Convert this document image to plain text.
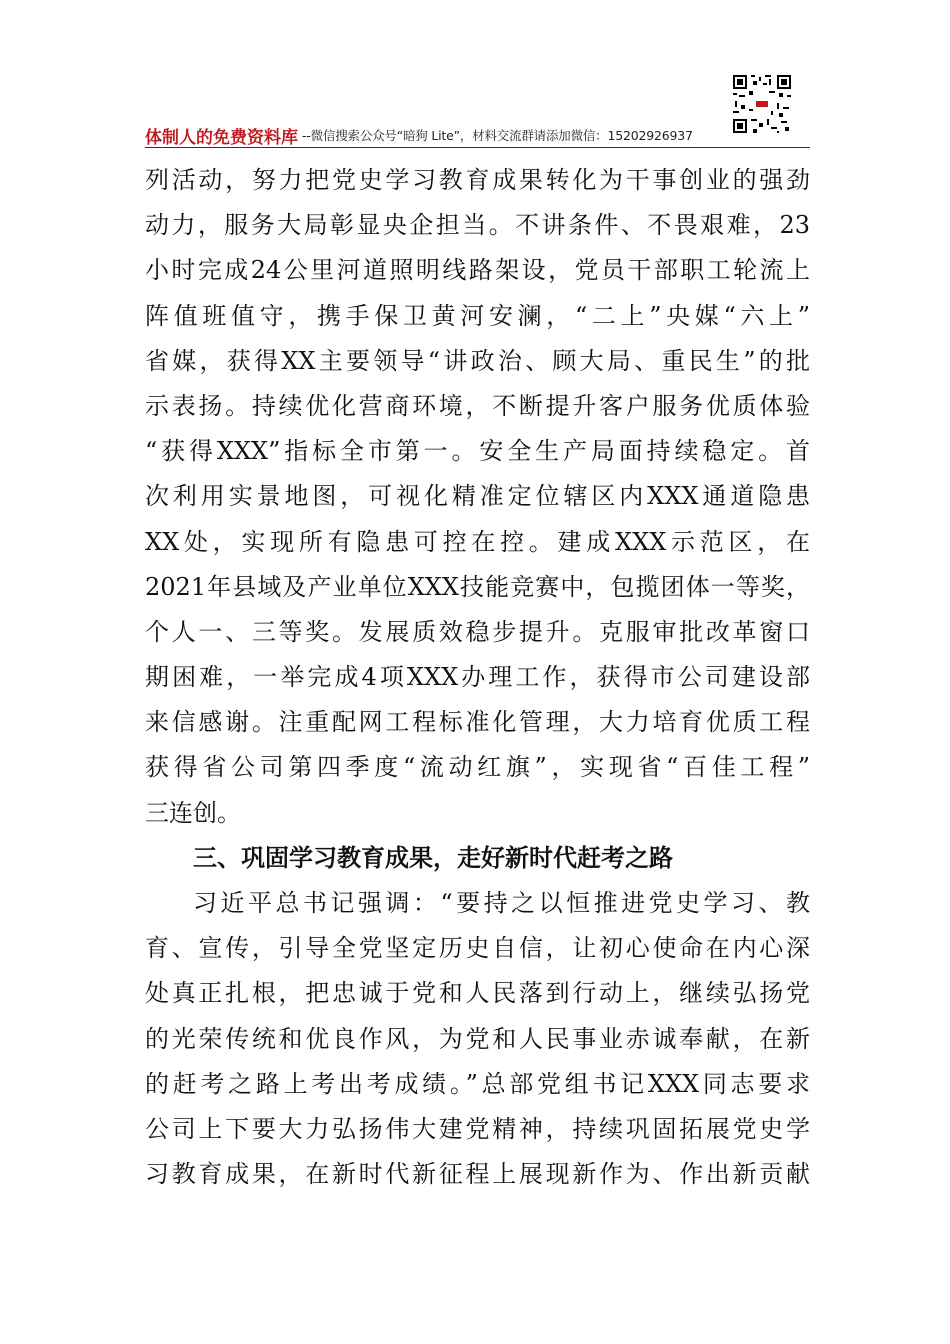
体制人的免费资料库 --微信搜索公众号“暗狗 Lite”，材料交流群请添加微信：15202926937
列活动，努力把党史学习教育成果转化为干事创业的强劲
动力，服务大局彰显央企担当。不讲条件、不畏艰难，23
小时完成24公里河道照明线路架设，党员干部职工轮流上
阵值班值守，携手保卫黄河安澜，“二上”央媒“六上”
省媒，获得XX主要领导“讲政治、顾大局、重民生”的批
示表扬。持续优化营商环境，不断提升客户服务优质体验
“获得XXX”指标全市第一。安全生产局面持续稳定。首
次利用实景地图，可视化精准定位辖区内XXX通道隐患
XX处，实现所有隐患可控在控。建成XXX示范区，在
2021年县域及产业单位XXX技能竞赛中，包揽团体一等奖，
个人一、三等奖。发展质效稳步提升。克服审批改革窗口
期困难，一举完成4项XXX办理工作，获得市公司建设部
来信感谢。注重配网工程标准化管理，大力培育优质工程
获得省公司第四季度“流动红旗”，实现省“百佳工程”
三连创。
三、巩固学习教育成果，走好新时代赶考之路
习近平总书记强调：“要持之以恒推进党史学习、教
育、宣传，引导全党坚定历史自信，让初心使命在内心深
处真正扎根，把忠诚于党和人民落到行动上，继续弘扬党
的光荣传统和优良作风，为党和人民事业赤诚奉献，在新
的赶考之路上考出考成绩。”总部党组书记XXX同志要求
公司上下要大力弘扬伟大建党精神，持续巩固拓展党史学
习教育成果，在新时代新征程上展现新作为、作出新贡献
